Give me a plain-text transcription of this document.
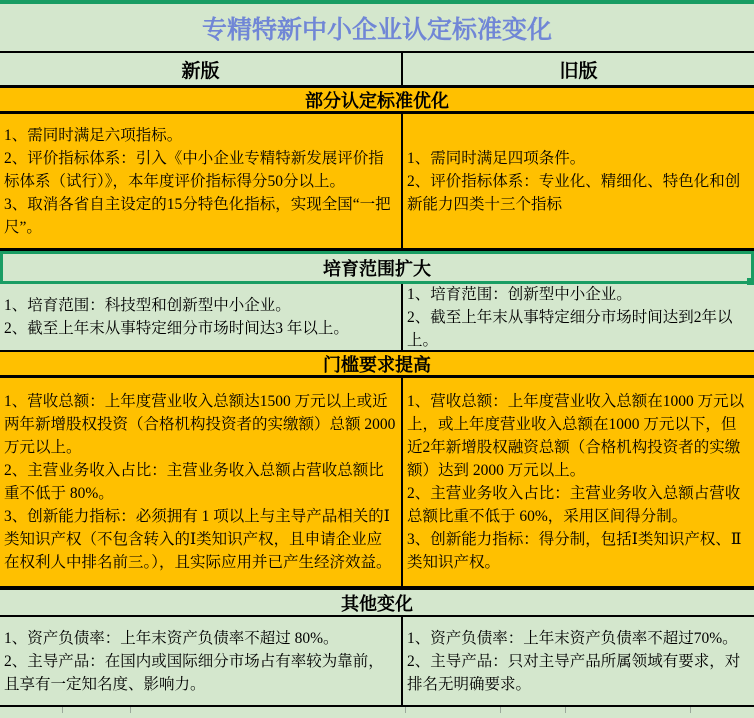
专精特新中小企业认定标准变化
新版	旧版
部分认定标准优化
1、需同时满足六项指标。
2、评价指标体系：引入《中小企业专精特新发展评价指标体系（试行）》，本年度评价指标得分50分以上。
3、取消各省自主设定的15分特色化指标，实现全国“一把尺”。
1、需同时满足四项条件。
2、评价指标体系：专业化、精细化、特色化和创新能力四类十三个指标
培育范围扩大
1、培育范围：科技型和创新型中小企业。
2、截至上年末从事特定细分市场时间达3 年以上。
1、培育范围：创新型中小企业。
2、截至上年末从事特定细分市场时间达到2年以上。
门槛要求提高
1、营收总额：上年度营业收入总额达1500 万元以上或近两年新增股权投资（合格机构投资者的实缴额）总额 2000万元以上。
2、主营业务收入占比：主营业务收入总额占营收总额比重不低于 80%。
3、创新能力指标：必须拥有 1 项以上与主导产品相关的Ⅰ类知识产权（不包含转入的Ⅰ类知识产权，且申请企业应在权利人中排名前三。），且实际应用并已产生经济效益。
1、营收总额：上年度营业收入总额在1000 万元以上，或上年度营业收入总额在1000 万元以下，但近2年新增股权融资总额（合格机构投资者的实缴额）达到 2000 万元以上。
2、主营业务收入占比：主营业务收入总额占营收总额比重不低于 60%，采用区间得分制。
3、创新能力指标：得分制，包括Ⅰ类知识产权、Ⅱ类知识产权。
其他变化
1、资产负债率：上年末资产负债率不超过 80%。
2、主导产品：在国内或国际细分市场占有率较为靠前，且享有一定知名度、影响力。
1、资产负债率：上年末资产负债率不超过70%。
2、主导产品：只对主导产品所属领域有要求，对排名无明确要求。
